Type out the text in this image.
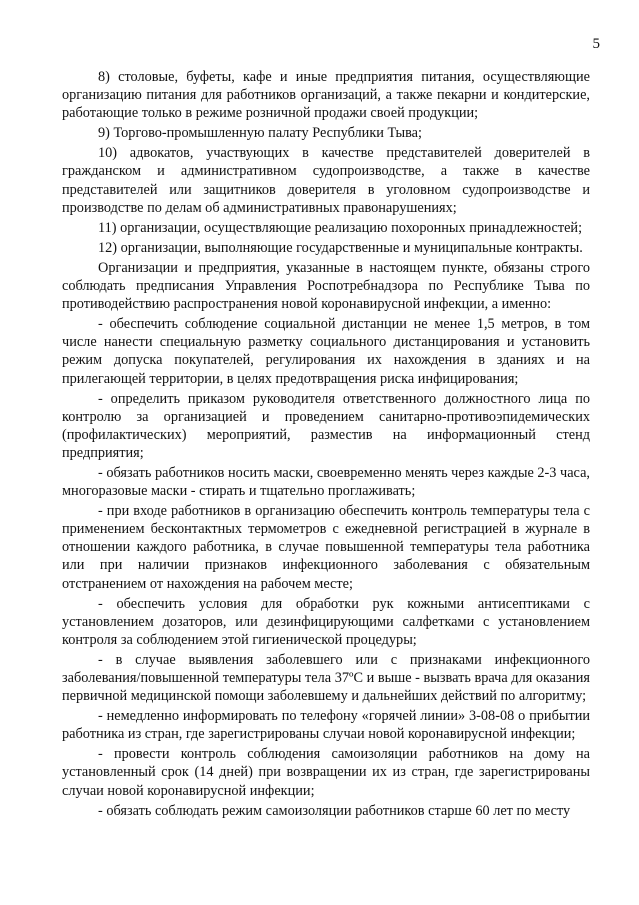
5

8) столовые, буфеты, кафе и иные предприятия питания, осуществляющие организацию питания для работников организаций, а также пекарни и кондитерские, работающие только в режиме розничной продажи своей продукции;

9) Торгово-промышленную палату Республики Тыва;

10) адвокатов, участвующих в качестве представителей доверителей в гражданском и административном судопроизводстве, а также в качестве представителей или защитников доверителя в уголовном судопроизводстве и производстве по делам об административных правонарушениях;

11) организации, осуществляющие реализацию похоронных принадлежностей;

12) организации, выполняющие государственные и муниципальные контракты.

Организации и предприятия, указанные в настоящем пункте, обязаны строго соблюдать предписания Управления Роспотребнадзора по Республике Тыва по противодействию распространения новой коронавирусной инфекции, а именно:

- обеспечить соблюдение социальной дистанции не менее 1,5 метров, в том числе нанести специальную разметку социального дистанцирования и установить режим допуска покупателей, регулирования их нахождения в зданиях и на прилегающей территории, в целях предотвращения риска инфицирования;

- определить приказом руководителя ответственного должностного лица по контролю за организацией и проведением санитарно-противоэпидемических (профилактических) мероприятий, разместив на информационный стенд предприятия;

- обязать работников носить маски, своевременно менять через каждые 2-3 часа, многоразовые маски - стирать и тщательно проглаживать;

- при входе работников в организацию обеспечить контроль температуры тела с применением бесконтактных термометров с ежедневной регистрацией в журнале в отношении каждого работника, в случае повышенной температуры тела работника или при наличии признаков инфекционного заболевания с обязательным отстранением от нахождения на рабочем месте;

- обеспечить условия для обработки рук кожными антисептиками с установлением дозаторов, или дезинфицирующими салфетками с установлением контроля за соблюдением этой гигиенической процедуры;

- в случае выявления заболевшего или с признаками инфекционного заболевания/повышенной температуры тела 37ºС и выше - вызвать врача для оказания первичной медицинской помощи заболевшему и дальнейших действий по алгоритму;

- немедленно информировать по телефону «горячей линии» 3-08-08 о прибытии работника из стран, где зарегистрированы случаи новой коронавирусной инфекции;

- провести контроль соблюдения самоизоляции работников на дому на установленный срок (14 дней) при возвращении их из стран, где зарегистрированы случаи новой коронавирусной инфекции;

- обязать соблюдать режим самоизоляции работников старше 60 лет по месту
